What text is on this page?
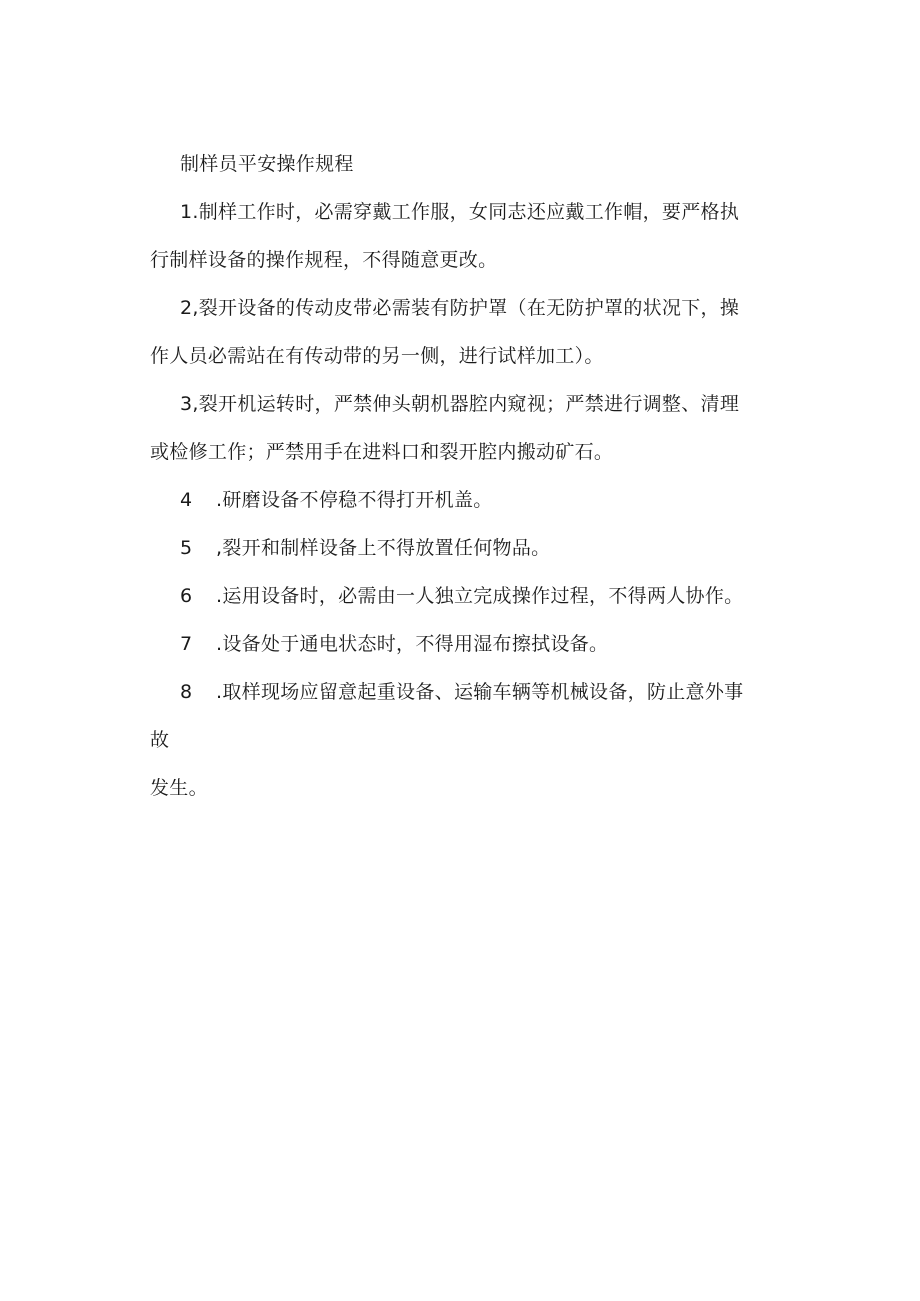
制样员平安操作规程
1.制样工作时，必需穿戴工作服，女同志还应戴工作帽，要严格执
行制样设备的操作规程，不得随意更改。
2,裂开设备的传动皮带必需装有防护罩（在无防护罩的状况下，操
作人员必需站在有传动带的另一侧，进行试样加工）。
3,裂开机运转时，严禁伸头朝机器腔内窥视；严禁进行调整、清理
或检修工作；严禁用手在进料口和裂开腔内搬动矿石。
4 .研磨设备不停稳不得打开机盖。
5 ,裂开和制样设备上不得放置任何物品。
6 .运用设备时，必需由一人独立完成操作过程，不得两人协作。
7 .设备处于通电状态时，不得用湿布擦拭设备。
8 .取样现场应留意起重设备、运输车辆等机械设备，防止意外事
故
发生。
